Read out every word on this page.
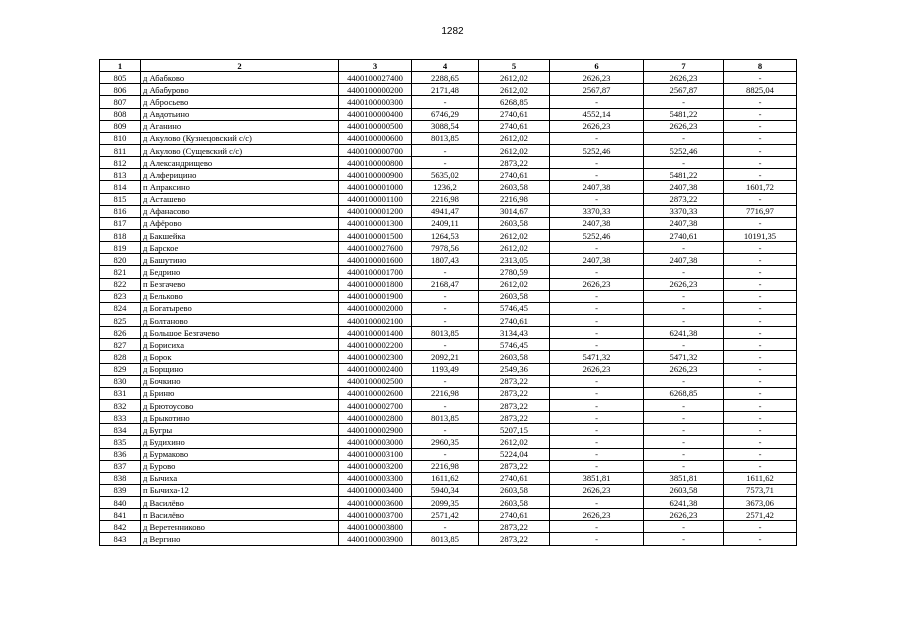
1282
1	2	3	4	5	6	7	8
805	д Абабково	4400100027400	2288,65	2612,02	2626,23	2626,23	-
806	д Абабурово	4400100000200	2171,48	2612,02	2567,87	2567,87	8825,04
807	д Абросьево	4400100000300	-	6268,85	-	-	-
808	д Авдотьино	4400100000400	6746,29	2740,61	4552,14	5481,22	-
809	д Аганино	4400100000500	3088,54	2740,61	2626,23	2626,23	-
810	д Акулово (Кузнецовский с/с)	4400100000600	8013,85	2612,02	-	-	-
811	д Акулово (Сущевский с/с)	4400100000700	-	2612,02	5252,46	5252,46	-
812	д Александрищево	4400100000800	-	2873,22	-	-	-
813	д Алферицино	4400100000900	5635,02	2740,61	-	5481,22	-
814	п Апраксино	4400100001000	1236,2	2603,58	2407,38	2407,38	1601,72
815	д Асташево	4400100001100	2216,98	2216,98	-	2873,22	-
816	д Афанасово	4400100001200	4941,47	3014,67	3370,33	3370,33	7716,97
817	д Афёрово	4400100001300	2409,11	2603,58	2407,38	2407,38	-
818	д Бакшейка	4400100001500	1264,53	2612,02	5252,46	2740,61	10191,35
819	д Барское	4400100027600	7978,56	2612,02	-	-	-
820	д Башутино	4400100001600	1807,43	2313,05	2407,38	2407,38	-
821	д Бедрино	4400100001700	-	2780,59	-	-	-
822	п Безгачево	4400100001800	2168,47	2612,02	2626,23	2626,23	-
823	д Бельково	4400100001900	-	2603,58	-	-	-
824	д Богатырево	4400100002000	-	5746,45	-	-	-
825	д Болтаново	4400100002100	-	2740,61	-	-	-
826	д Большое Безгачево	4400100001400	8013,85	3134,43	-	6241,38	-
827	д Борисиха	4400100002200	-	5746,45	-	-	-
828	д Борок	4400100002300	2092,21	2603,58	5471,32	5471,32	-
829	д Борщино	4400100002400	1193,49	2549,36	2626,23	2626,23	-
830	д Бочкино	4400100002500	-	2873,22	-	-	-
831	д Бриню	4400100002600	2216,98	2873,22	-	6268,85	-
832	д Брютоусово	4400100002700	-	2873,22	-	-	-
833	д Брыкотино	4400100002800	8013,85	2873,22	-	-	-
834	д Бугры	4400100002900	-	5207,15	-	-	-
835	д Будихино	4400100003000	2960,35	2612,02	-	-	-
836	д Бурмаково	4400100003100	-	5224,04	-	-	-
837	д Бурово	4400100003200	2216,98	2873,22	-	-	-
838	д Бычиха	4400100003300	1611,62	2740,61	3851,81	3851,81	1611,62
839	п Бычиха-12	4400100003400	5940,34	2603,58	2626,23	2603,58	7573,71
840	д Василёво	4400100003600	2099,35	2603,58	-	6241,38	3673,06
841	п Василёво	4400100003700	2571,42	2740,61	2626,23	2626,23	2571,42
842	д Веретенниково	4400100003800	-	2873,22	-	-	-
843	д Вергино	4400100003900	8013,85	2873,22	-	-	-
